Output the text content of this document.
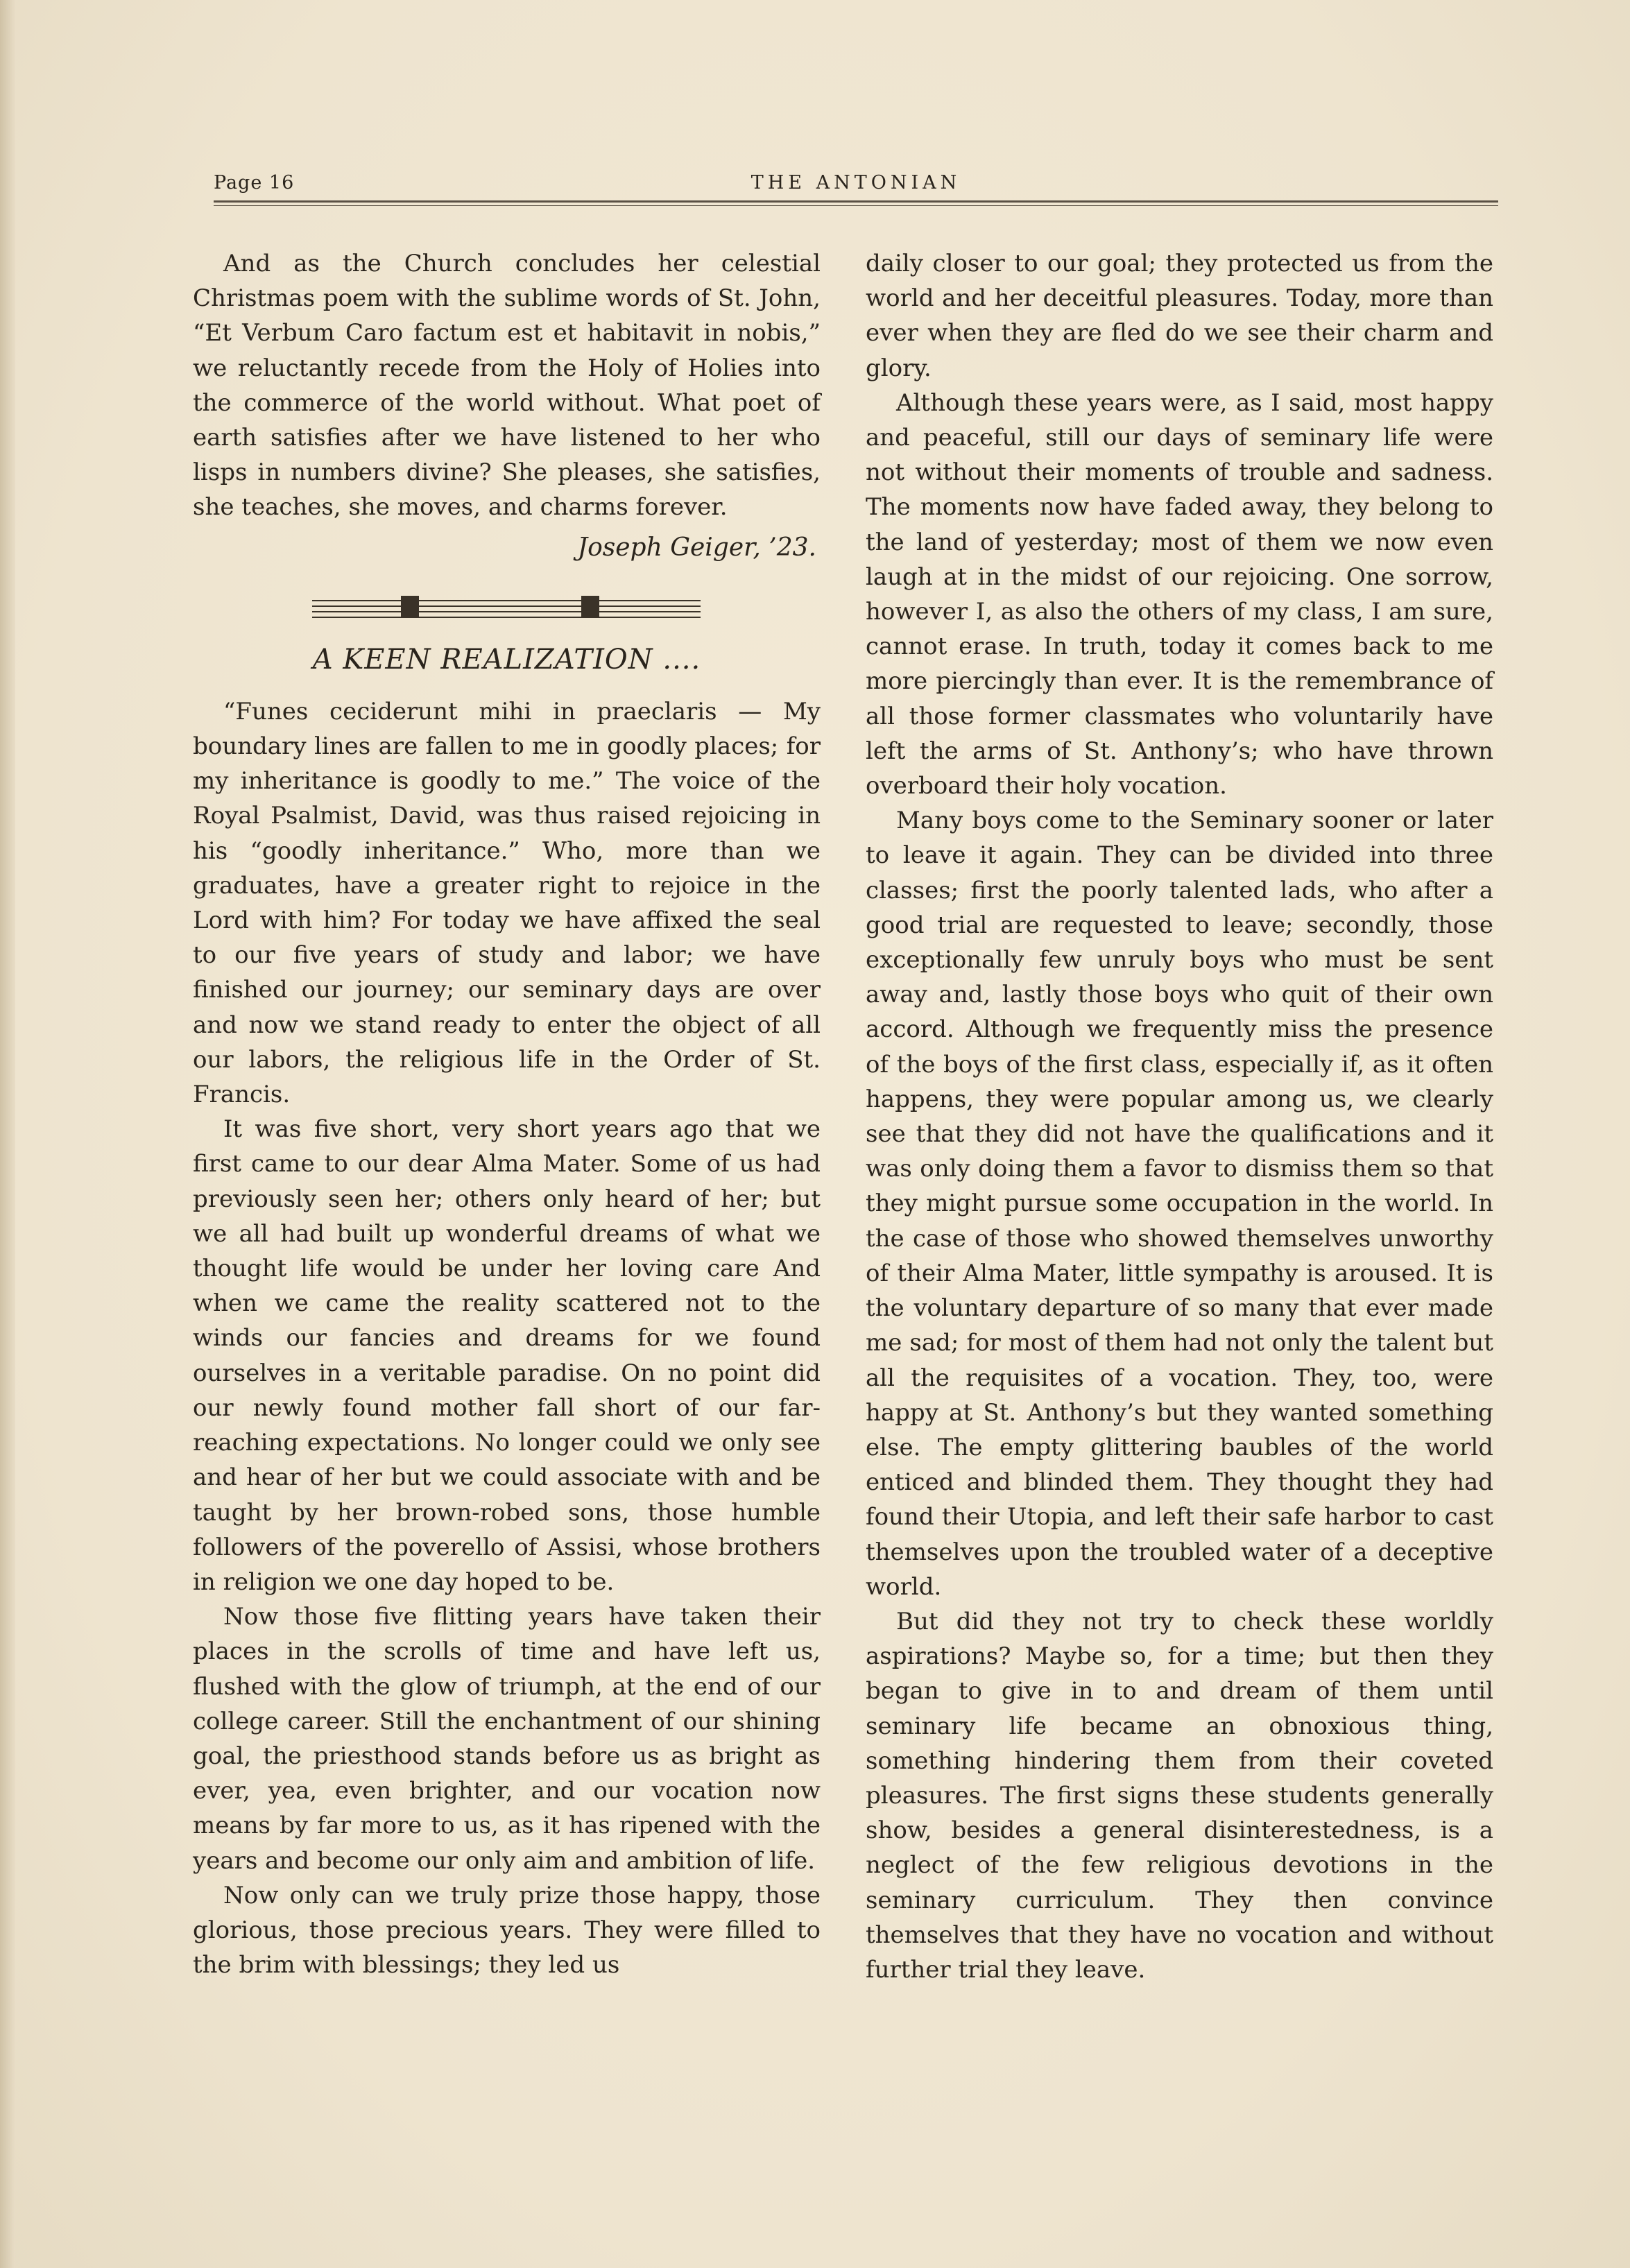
Page 16	THE ANTONIAN

And as the Church concludes her celestial Christmas poem with the sublime words of St. John, “Et Verbum Caro factum est et habitavit in nobis,” we reluctantly recede from the Holy of Holies into the commerce of the world without. What poet of earth satisfies after we have listened to her who lisps in numbers divine? She pleases, she satisfies, she teaches, she moves, and charms forever.

Joseph Geiger, ’23.
A KEEN REALIZATION ....

“Funes ceciderunt mihi in praeclaris — My boundary lines are fallen to me in goodly places; for my inheritance is goodly to me.” The voice of the Royal Psalmist, David, was thus raised rejoicing in his “goodly inheritance.” Who, more than we graduates, have a greater right to rejoice in the Lord with him? For today we have affixed the seal to our five years of study and labor; we have finished our journey; our seminary days are over and now we stand ready to enter the object of all our labors, the religious life in the Order of St. Francis.

It was five short, very short years ago that we first came to our dear Alma Mater. Some of us had previously seen her; others only heard of her; but we all had built up wonderful dreams of what we thought life would be under her loving care And when we came the reality scattered not to the winds our fancies and dreams for we found ourselves in a veritable paradise. On no point did our newly found mother fall short of our far-reaching expectations. No longer could we only see and hear of her but we could associate with and be taught by her brown-robed sons, those humble followers of the poverello of Assisi, whose brothers in religion we one day hoped to be.

Now those five flitting years have taken their places in the scrolls of time and have left us, flushed with the glow of triumph, at the end of our college career. Still the enchantment of our shining goal, the priesthood stands before us as bright as ever, yea, even brighter, and our vocation now means by far more to us, as it has ripened with the years and become our only aim and ambition of life.

Now only can we truly prize those happy, those glorious, those precious years. They were filled to the brim with blessings; they led us

daily closer to our goal; they protected us from the world and her deceitful pleasures. Today, more than ever when they are fled do we see their charm and glory.

Although these years were, as I said, most happy and peaceful, still our days of seminary life were not without their moments of trouble and sadness. The moments now have faded away, they belong to the land of yesterday; most of them we now even laugh at in the midst of our rejoicing. One sorrow, however I, as also the others of my class, I am sure, cannot erase. In truth, today it comes back to me more piercingly than ever. It is the remembrance of all those former classmates who voluntarily have left the arms of St. Anthony’s; who have thrown overboard their holy vocation.

Many boys come to the Seminary sooner or later to leave it again. They can be divided into three classes; first the poorly talented lads, who after a good trial are requested to leave; secondly, those exceptionally few unruly boys who must be sent away and, lastly those boys who quit of their own accord. Although we frequently miss the presence of the boys of the first class, especially if, as it often happens, they were popular among us, we clearly see that they did not have the qualifications and it was only doing them a favor to dismiss them so that they might pursue some occupation in the world. In the case of those who showed themselves unworthy of their Alma Mater, little sympathy is aroused. It is the voluntary departure of so many that ever made me sad; for most of them had not only the talent but all the requisites of a vocation. They, too, were happy at St. Anthony’s but they wanted something else. The empty glittering baubles of the world enticed and blinded them. They thought they had found their Utopia, and left their safe harbor to cast themselves upon the troubled water of a deceptive world.

But did they not try to check these worldly aspirations? Maybe so, for a time; but then they began to give in to and dream of them until seminary life became an obnoxious thing, something hindering them from their coveted pleasures. The first signs these students generally show, besides a general disinterestedness, is a neglect of the few religious devotions in the seminary curriculum. They then convince themselves that they have no vocation and without further trial they leave.
